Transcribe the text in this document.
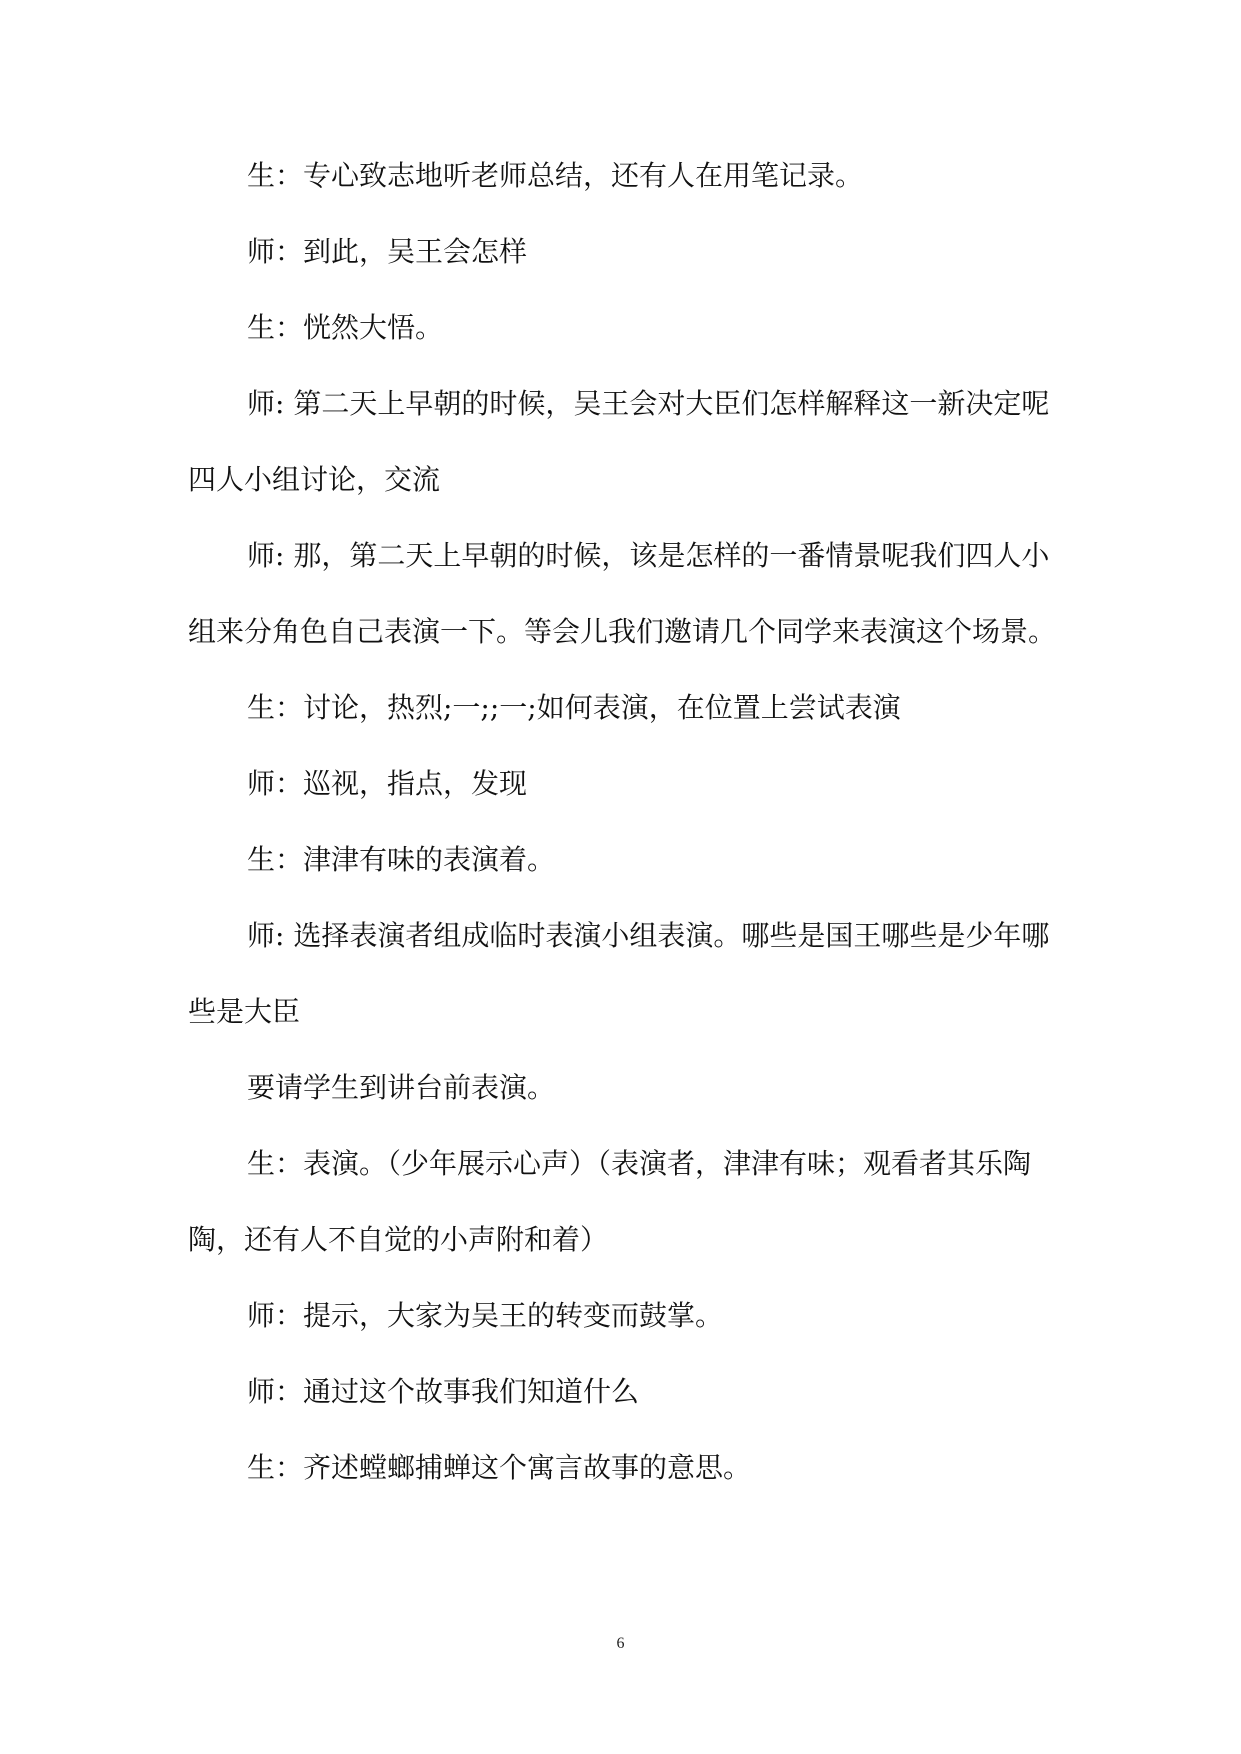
生：专心致志地听老师总结，还有人在用笔记录。

师：到此，吴王会怎样

生：恍然大悟。

师: 第二天上早朝的时候，吴王会对大臣们怎样解释这一新决定呢四人小组讨论，交流

师: 那，第二天上早朝的时候，该是怎样的一番情景呢我们四人小组来分角色自己表演一下。等会儿我们邀请几个同学来表演这个场景。

生：讨论，热烈;一;;一;如何表演，在位置上尝试表演

师：巡视，指点，发现

生：津津有味的表演着。

师: 选择表演者组成临时表演小组表演。哪些是国王哪些是少年哪些是大臣

要请学生到讲台前表演。

生：表演。（少年展示心声）（表演者，津津有味；观看者其乐陶陶，还有人不自觉的小声附和着）

师：提示，大家为吴王的转变而鼓掌。

师：通过这个故事我们知道什么

生：齐述螳螂捕蝉这个寓言故事的意思。

6
